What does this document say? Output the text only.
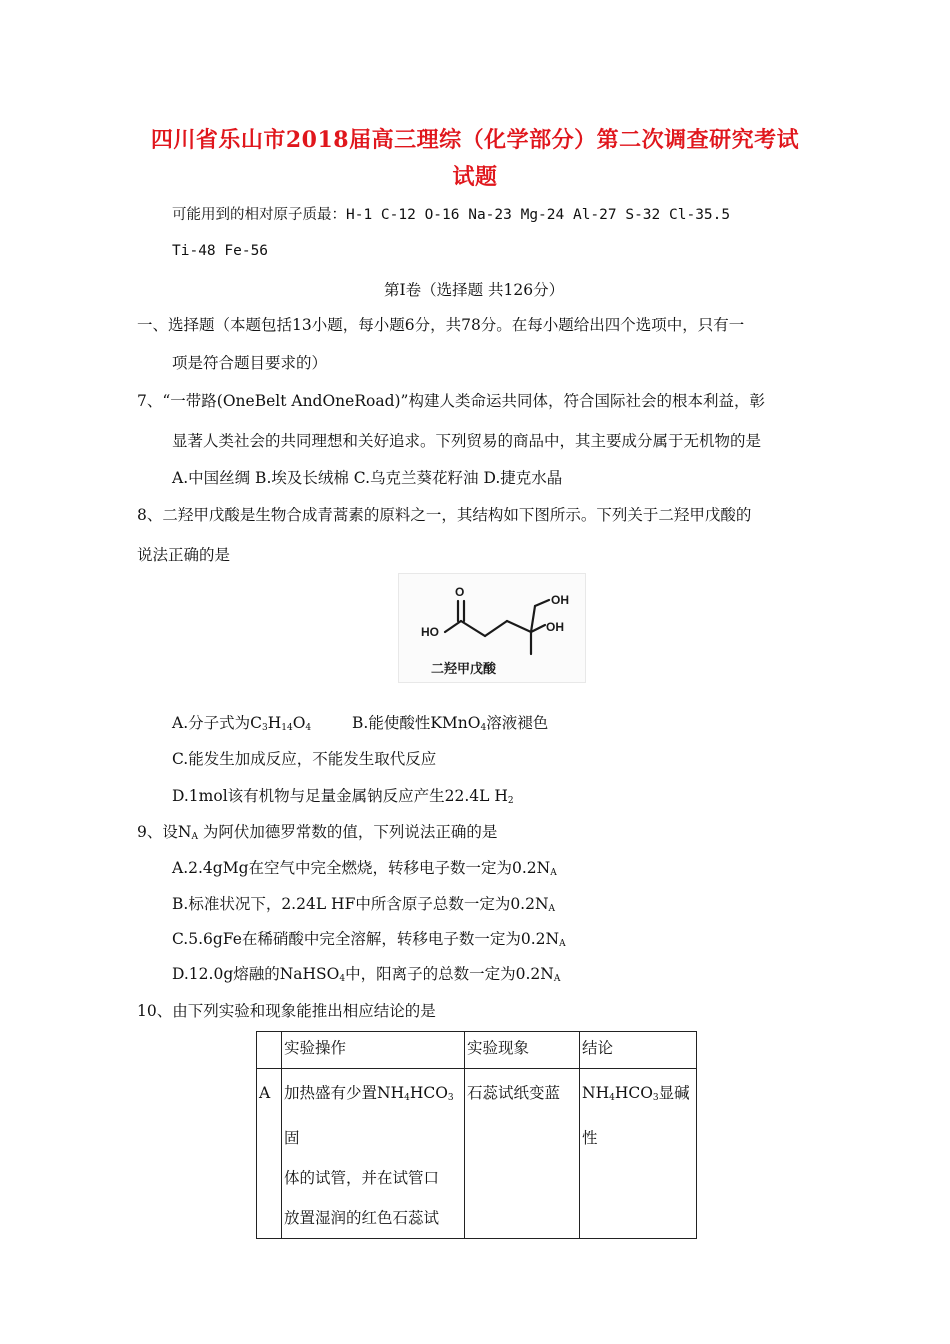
四川省乐山市2018届高三理综（化学部分）第二次调查研究考试
试题
可能用到的相对原子质最：H-1 C-12 O-16 Na-23 Mg-24 Al-27 S-32 Cl-35.5
Ti-48 Fe-56
第Ⅰ卷（选择题 共126分）
一、选择题（本题包括13小题，每小题6分，共78分。在每小题给出四个选项中，只有一
项是符合题目要求的）
7、“一带路(OneBelt AndOneRoad)”构建人类命运共同体，符合国际社会的根本利益，彰
显著人类社会的共同理想和关好追求。下列贸易的商品中，其主要成分属于无机物的是
A.中国丝绸 B.埃及长绒棉 C.乌克兰葵花籽油 D.捷克水晶
8、二羟甲戊酸是生物合成青蒿素的原料之一，其结构如下图所示。下列关于二羟甲戊酸的
说法正确的是
O
HO
OH
OH
二羟甲戊酸
A.分子式为$C_3H_{14}O_4$	B.能使酸性KMnO$_4$溶液褪色
C.能发生加成反应，不能发生取代反应
D.1mol该有机物与足量金属钠反应产生22.4L $H_2$
9、设$N_A$ 为阿伏加德罗常数的值，下列说法正确的是
A.2.4gMg在空气中完全燃烧，转移电子数一定为$0.2N_A$
B.标准状况下，2.24L HF中所含原子总数一定为$0.2N_A$
C.5.6gFe在稀硝酸中完全溶解，转移电子数一定为$0.2N_A$
D.12.0g熔融的NaHSO$_4$中，阳离子的总数一定为$0.2N_A$
10、由下列实验和现象能推出相应结论的是
	实验操作	实验现象	结论
A	加热盛有少置$NH_4HCO_3$固
体的试管，并在试管口
放置湿润的红色石蕊试	石蕊试纸变蓝	$NH_4HCO_3$显碱性
